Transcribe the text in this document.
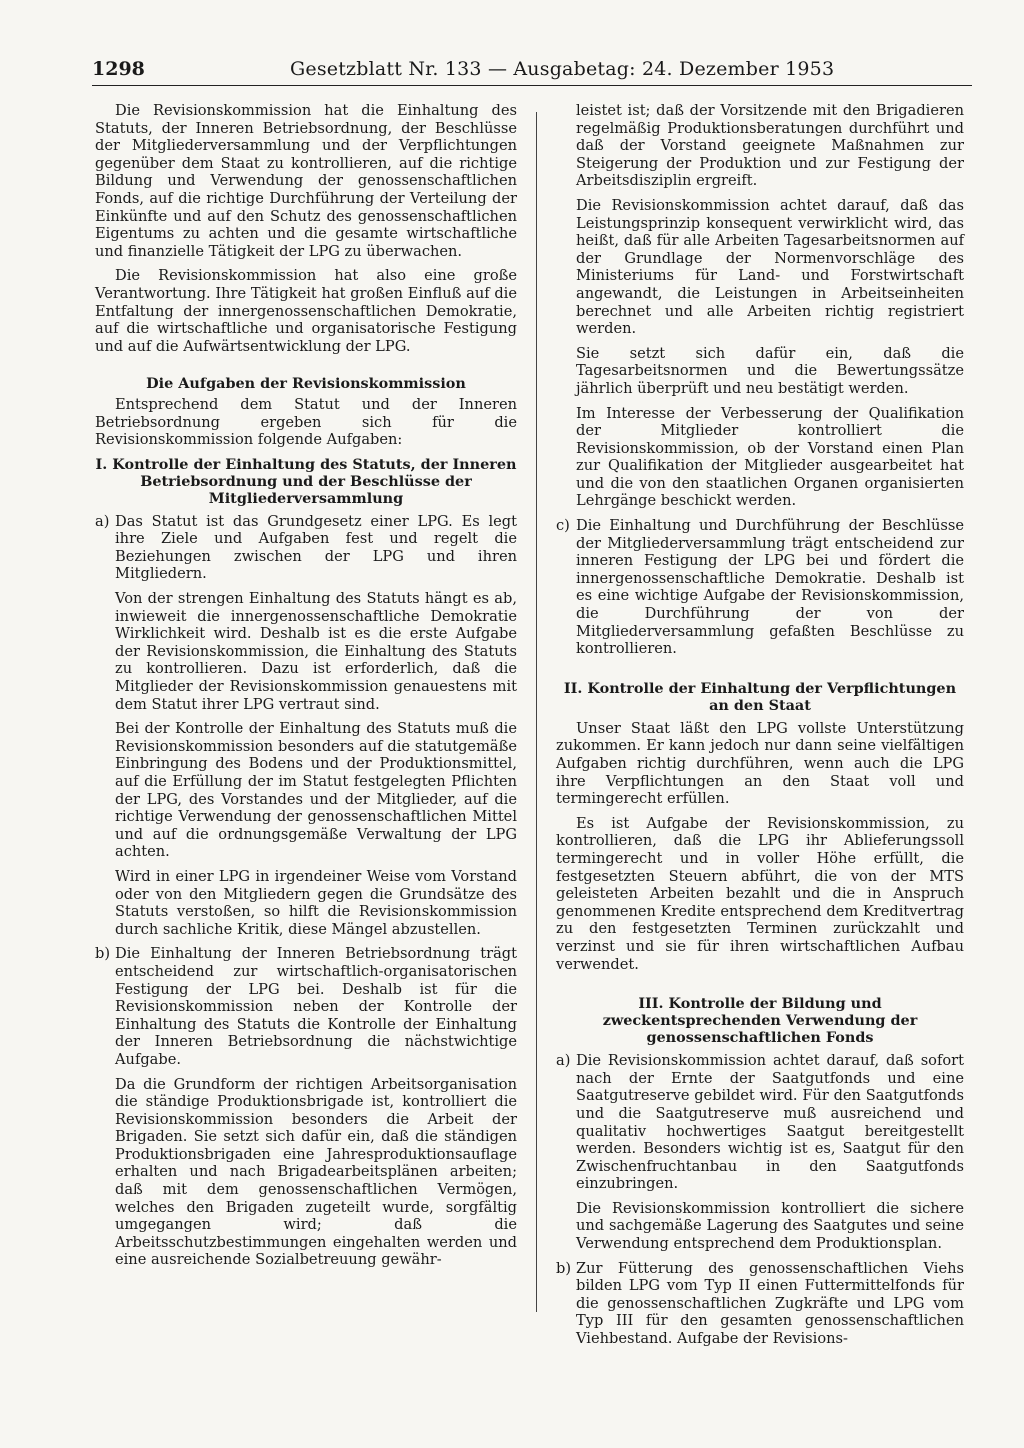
1298	Gesetzblatt Nr. 133 — Ausgabetag: 24. Dezember 1953

Die Revisionskommission hat die Einhaltung des Statuts, der Inneren Betriebsordnung, der Beschlüsse der Mitgliederversammlung und der Verpflichtungen gegenüber dem Staat zu kontrollieren, auf die richtige Bildung und Verwendung der genossenschaftlichen Fonds, auf die richtige Durchführung der Verteilung der Einkünfte und auf den Schutz des genossenschaftlichen Eigentums zu achten und die gesamte wirtschaftliche und finanzielle Tätigkeit der LPG zu überwachen.

Die Revisionskommission hat also eine große Verantwortung. Ihre Tätigkeit hat großen Einfluß auf die Entfaltung der innergenossenschaftlichen Demokratie, auf die wirtschaftliche und organisatorische Festigung und auf die Aufwärtsentwicklung der LPG.

Die Aufgaben der Revisionskommission

Entsprechend dem Statut und der Inneren Betriebsordnung ergeben sich für die Revisionskommission folgende Aufgaben:

I. Kontrolle der Einhaltung des Statuts, der Inneren Betriebsordnung und der Beschlüsse der Mitgliederversammlung
a) Das Statut ist das Grundgesetz einer LPG. Es legt ihre Ziele und Aufgaben fest und regelt die Beziehungen zwischen der LPG und ihren Mitgliedern.

Von der strengen Einhaltung des Statuts hängt es ab, inwieweit die innergenossenschaftliche Demokratie Wirklichkeit wird. Deshalb ist es die erste Aufgabe der Revisionskommission, die Einhaltung des Statuts zu kontrollieren. Dazu ist erforderlich, daß die Mitglieder der Revisionskommission genauestens mit dem Statut ihrer LPG vertraut sind.

Bei der Kontrolle der Einhaltung des Statuts muß die Revisionskommission besonders auf die statutgemäße Einbringung des Bodens und der Produktionsmittel, auf die Erfüllung der im Statut festgelegten Pflichten der LPG, des Vorstandes und der Mitglieder, auf die richtige Verwendung der genossenschaftlichen Mittel und auf die ordnungsgemäße Verwaltung der LPG achten.

Wird in einer LPG in irgendeiner Weise vom Vorstand oder von den Mitgliedern gegen die Grundsätze des Statuts verstoßen, so hilft die Revisionskommission durch sachliche Kritik, diese Mängel abzustellen.

b) Die Einhaltung der Inneren Betriebsordnung trägt entscheidend zur wirtschaftlich-organisatorischen Festigung der LPG bei. Deshalb ist für die Revisionskommission neben der Kontrolle der Einhaltung des Statuts die Kontrolle der Einhaltung der Inneren Betriebsordnung die nächstwichtige Aufgabe.

Da die Grundform der richtigen Arbeitsorganisation die ständige Produktionsbrigade ist, kontrolliert die Revisionskommission besonders die Arbeit der Brigaden. Sie setzt sich dafür ein, daß die ständigen Produktionsbrigaden eine Jahresproduktionsauflage erhalten und nach Brigadearbeitsplänen arbeiten; daß mit dem genossenschaftlichen Vermögen, welches den Brigaden zugeteilt wurde, sorgfältig umgegangen wird; daß die Arbeitsschutzbestimmungen eingehalten werden und eine ausreichende Sozialbetreuung gewähr-

leistet ist; daß der Vorsitzende mit den Brigadieren regelmäßig Produktionsberatungen durchführt und daß der Vorstand geeignete Maßnahmen zur Steigerung der Produktion und zur Festigung der Arbeitsdisziplin ergreift.

Die Revisionskommission achtet darauf, daß das Leistungsprinzip konsequent verwirklicht wird, das heißt, daß für alle Arbeiten Tagesarbeitsnormen auf der Grundlage der Normenvorschläge des Ministeriums für Land- und Forstwirtschaft angewandt, die Leistungen in Arbeitseinheiten berechnet und alle Arbeiten richtig registriert werden.

Sie setzt sich dafür ein, daß die Tagesarbeitsnormen und die Bewertungssätze jährlich überprüft und neu bestätigt werden.

Im Interesse der Verbesserung der Qualifikation der Mitglieder kontrolliert die Revisionskommission, ob der Vorstand einen Plan zur Qualifikation der Mitglieder ausgearbeitet hat und die von den staatlichen Organen organisierten Lehrgänge beschickt werden.

c) Die Einhaltung und Durchführung der Beschlüsse der Mitgliederversammlung trägt entscheidend zur inneren Festigung der LPG bei und fördert die innergenossenschaftliche Demokratie. Deshalb ist es eine wichtige Aufgabe der Revisionskommission, die Durchführung der von der Mitgliederversammlung gefaßten Beschlüsse zu kontrollieren.
II. Kontrolle der Einhaltung der Verpflichtungen an den Staat

Unser Staat läßt den LPG vollste Unterstützung zukommen. Er kann jedoch nur dann seine vielfältigen Aufgaben richtig durchführen, wenn auch die LPG ihre Verpflichtungen an den Staat voll und termingerecht erfüllen.

Es ist Aufgabe der Revisionskommission, zu kontrollieren, daß die LPG ihr Ablieferungssoll termingerecht und in voller Höhe erfüllt, die festgesetzten Steuern abführt, die von der MTS geleisteten Arbeiten bezahlt und die in Anspruch genommenen Kredite entsprechend dem Kreditvertrag zu den festgesetzten Terminen zurückzahlt und verzinst und sie für ihren wirtschaftlichen Aufbau verwendet.

III. Kontrolle der Bildung und zweckentsprechenden Verwendung der genossenschaftlichen Fonds
a) Die Revisionskommission achtet darauf, daß sofort nach der Ernte der Saatgutfonds und eine Saatgutreserve gebildet wird. Für den Saatgutfonds und die Saatgutreserve muß ausreichend und qualitativ hochwertiges Saatgut bereitgestellt werden. Besonders wichtig ist es, Saatgut für den Zwischenfruchtanbau in den Saatgutfonds einzubringen.

Die Revisionskommission kontrolliert die sichere und sachgemäße Lagerung des Saatgutes und seine Verwendung entsprechend dem Produktionsplan.

b) Zur Fütterung des genossenschaftlichen Viehs bilden LPG vom Typ II einen Futtermittelfonds für die genossenschaftlichen Zugkräfte und LPG vom Typ III für den gesamten genossenschaftlichen Viehbestand. Aufgabe der Revisions-
